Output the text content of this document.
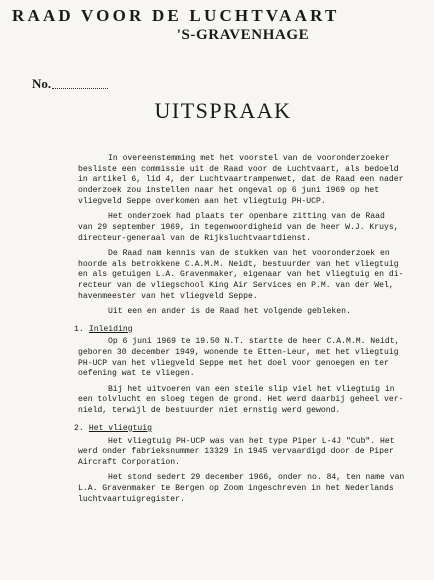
RAAD VOOR DE LUCHTVAART
'S-GRAVENHAGE
No.
UITSPRAAK
In overeenstemming met het voorstel van de vooronderzoeker
besliste een commissie uit de Raad voor de Luchtvaart, als bedoeld
in artikel 6, lid 4, der Luchtvaartrampenwet, dat de Raad een nader
onderzoek zou instellen naar het ongeval op 6 juni 1969 op het
vliegveld Seppe overkomen aan het vliegtuig PH-UCP.
Het onderzoek had plaats ter openbare zitting van de Raad
van 29 september 1969, in tegenwoordigheid van de heer W.J. Kruys,
directeur-generaal van de Rijksluchtvaartdienst.
De Raad nam kennis van de stukken van het vooronderzoek en
hoorde als betrokkene C.A.M.M. Neidt, bestuurder van het vliegtuig
en als getuigen L.A. Gravenmaker, eigenaar van het vliegtuig en di-
recteur van de vliegschool King Air Services en P.M. van der Wel,
havenmeester van het vliegveld Seppe.
Uit een en ander is de Raad het volgende gebleken.
1. Inleiding
Op 6 juni 1969 te 19.50 N.T. startte de heer C.A.M.M. Neidt,
geboren 30 december 1949, wonende te Etten-Leur, met het vliegtuig
PH-UCP van het vliegveld Seppe met het doel voor genoegen en ter
oefening wat te vliegen.
Bij het uitvoeren van een steile slip viel het vliegtuig in
een tolvlucht en sloeg tegen de grond. Het werd daarbij geheel ver-
nield, terwijl de bestuurder niet ernstig werd gewond.
2. Het vliegtuig
Het vliegtuig PH-UCP was van het type Piper L-4J "Cub". Het
werd onder fabrieksnummer 13329 in 1945 vervaardigd door de Piper
Aircraft Corporation.
Het stond sedert 29 december 1966, onder no. 84, ten name van
L.A. Gravenmaker te Bergen op Zoom ingeschreven in het Nederlands
luchtvaartuigregister.
